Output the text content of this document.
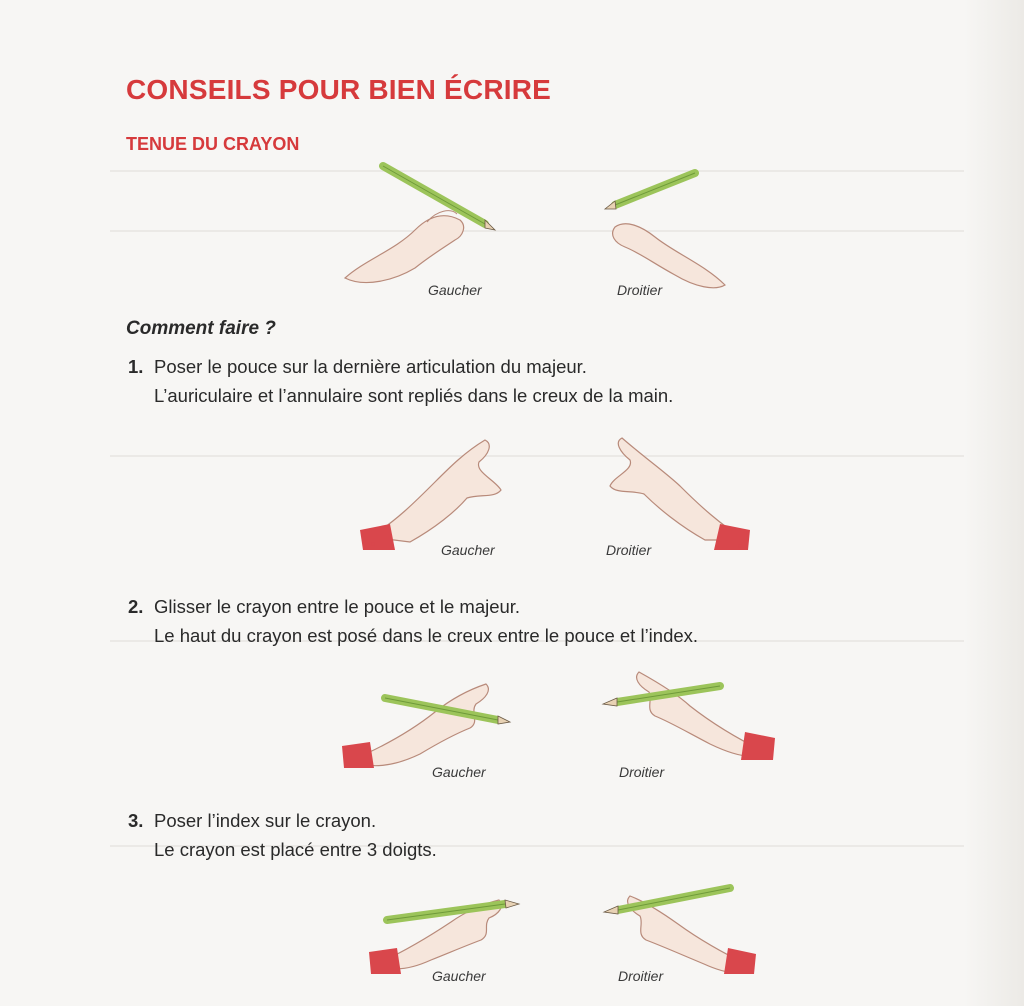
CONSEILS POUR BIEN ÉCRIRE
TENUE DU CRAYON
Gaucher	Droitier

Comment faire ?

1. Poser le pouce sur la dernière articulation du majeur.
L’auriculaire et l’annulaire sont repliés dans le creux de la main.
Gaucher	Droitier
2. Glisser le crayon entre le pouce et le majeur.
Le haut du crayon est posé dans le creux entre le pouce et l’index.
Gaucher	Droitier
3. Poser l’index sur le crayon.
Le crayon est placé entre 3 doigts.
Gaucher	Droitier
